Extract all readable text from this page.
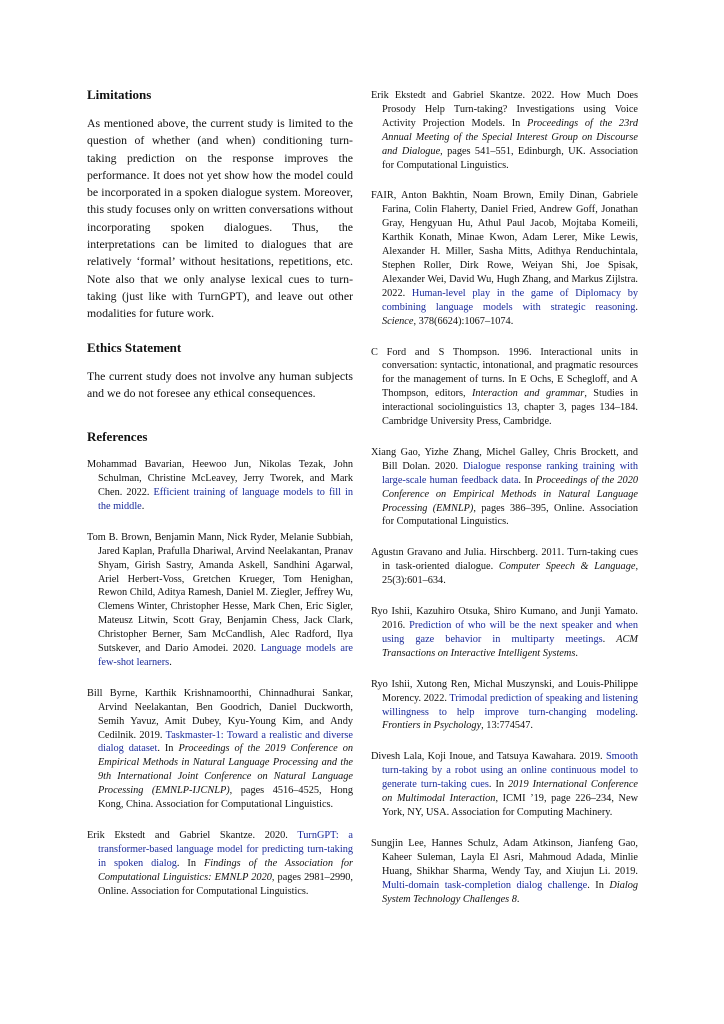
Limitations

As mentioned above, the current study is limited to the question of whether (and when) conditioning turn-taking prediction on the response improves the performance. It does not yet show how the model could be incorporated in a spoken dialogue system. Moreover, this study focuses only on written conversations without incorporating spoken dialogues. Thus, the interpretations can be limited to dialogues that are relatively ‘formal’ without hesitations, repetitions, etc. Note also that we only analyse lexical cues to turn-taking (just like with TurnGPT), and leave out other modalities for future work.

Ethics Statement

The current study does not involve any human subjects and we do not foresee any ethical consequences.

References

Mohammad Bavarian, Heewoo Jun, Nikolas Tezak, John Schulman, Christine McLeavey, Jerry Tworek, and Mark Chen. 2022. Efficient training of language models to fill in the middle.

Tom B. Brown, Benjamin Mann, Nick Ryder, Melanie Subbiah, Jared Kaplan, Prafulla Dhariwal, Arvind Neelakantan, Pranav Shyam, Girish Sastry, Amanda Askell, Sandhini Agarwal, Ariel Herbert-Voss, Gretchen Krueger, Tom Henighan, Rewon Child, Aditya Ramesh, Daniel M. Ziegler, Jeffrey Wu, Clemens Winter, Christopher Hesse, Mark Chen, Eric Sigler, Mateusz Litwin, Scott Gray, Benjamin Chess, Jack Clark, Christopher Berner, Sam McCandlish, Alec Radford, Ilya Sutskever, and Dario Amodei. 2020. Language models are few-shot learners.

Bill Byrne, Karthik Krishnamoorthi, Chinnadhurai Sankar, Arvind Neelakantan, Ben Goodrich, Daniel Duckworth, Semih Yavuz, Amit Dubey, Kyu-Young Kim, and Andy Cedilnik. 2019. Taskmaster-1: Toward a realistic and diverse dialog dataset. In Proceedings of the 2019 Conference on Empirical Methods in Natural Language Processing and the 9th International Joint Conference on Natural Language Processing (EMNLP-IJCNLP), pages 4516–4525, Hong Kong, China. Association for Computational Linguistics.

Erik Ekstedt and Gabriel Skantze. 2020. TurnGPT: a transformer-based language model for predicting turn-taking in spoken dialog. In Findings of the Association for Computational Linguistics: EMNLP 2020, pages 2981–2990, Online. Association for Computational Linguistics.

Erik Ekstedt and Gabriel Skantze. 2022. How Much Does Prosody Help Turn-taking? Investigations using Voice Activity Projection Models. In Proceedings of the 23rd Annual Meeting of the Special Interest Group on Discourse and Dialogue, pages 541–551, Edinburgh, UK. Association for Computational Linguistics.

FAIR, Anton Bakhtin, Noam Brown, Emily Dinan, Gabriele Farina, Colin Flaherty, Daniel Fried, Andrew Goff, Jonathan Gray, Hengyuan Hu, Athul Paul Jacob, Mojtaba Komeili, Karthik Konath, Minae Kwon, Adam Lerer, Mike Lewis, Alexander H. Miller, Sasha Mitts, Adithya Renduchintala, Stephen Roller, Dirk Rowe, Weiyan Shi, Joe Spisak, Alexander Wei, David Wu, Hugh Zhang, and Markus Zijlstra. 2022. Human-level play in the game of Diplomacy by combining language models with strategic reasoning. Science, 378(6624):1067–1074.

C Ford and S Thompson. 1996. Interactional units in conversation: syntactic, intonational, and pragmatic resources for the management of turns. In E Ochs, E Schegloff, and A Thompson, editors, Interaction and grammar, Studies in interactional sociolinguistics 13, chapter 3, pages 134–184. Cambridge University Press, Cambridge.

Xiang Gao, Yizhe Zhang, Michel Galley, Chris Brockett, and Bill Dolan. 2020. Dialogue response ranking training with large-scale human feedback data. In Proceedings of the 2020 Conference on Empirical Methods in Natural Language Processing (EMNLP), pages 386–395, Online. Association for Computational Linguistics.

Agustın Gravano and Julia. Hirschberg. 2011. Turn-taking cues in task-oriented dialogue. Computer Speech & Language, 25(3):601–634.

Ryo Ishii, Kazuhiro Otsuka, Shiro Kumano, and Junji Yamato. 2016. Prediction of who will be the next speaker and when using gaze behavior in multiparty meetings. ACM Transactions on Interactive Intelligent Systems.

Ryo Ishii, Xutong Ren, Michal Muszynski, and Louis-Philippe Morency. 2022. Trimodal prediction of speaking and listening willingness to help improve turn-changing modeling. Frontiers in Psychology, 13:774547.

Divesh Lala, Koji Inoue, and Tatsuya Kawahara. 2019. Smooth turn-taking by a robot using an online continuous model to generate turn-taking cues. In 2019 International Conference on Multimodal Interaction, ICMI ’19, page 226–234, New York, NY, USA. Association for Computing Machinery.

Sungjin Lee, Hannes Schulz, Adam Atkinson, Jianfeng Gao, Kaheer Suleman, Layla El Asri, Mahmoud Adada, Minlie Huang, Shikhar Sharma, Wendy Tay, and Xiujun Li. 2019. Multi-domain task-completion dialog challenge. In Dialog System Technology Challenges 8.
